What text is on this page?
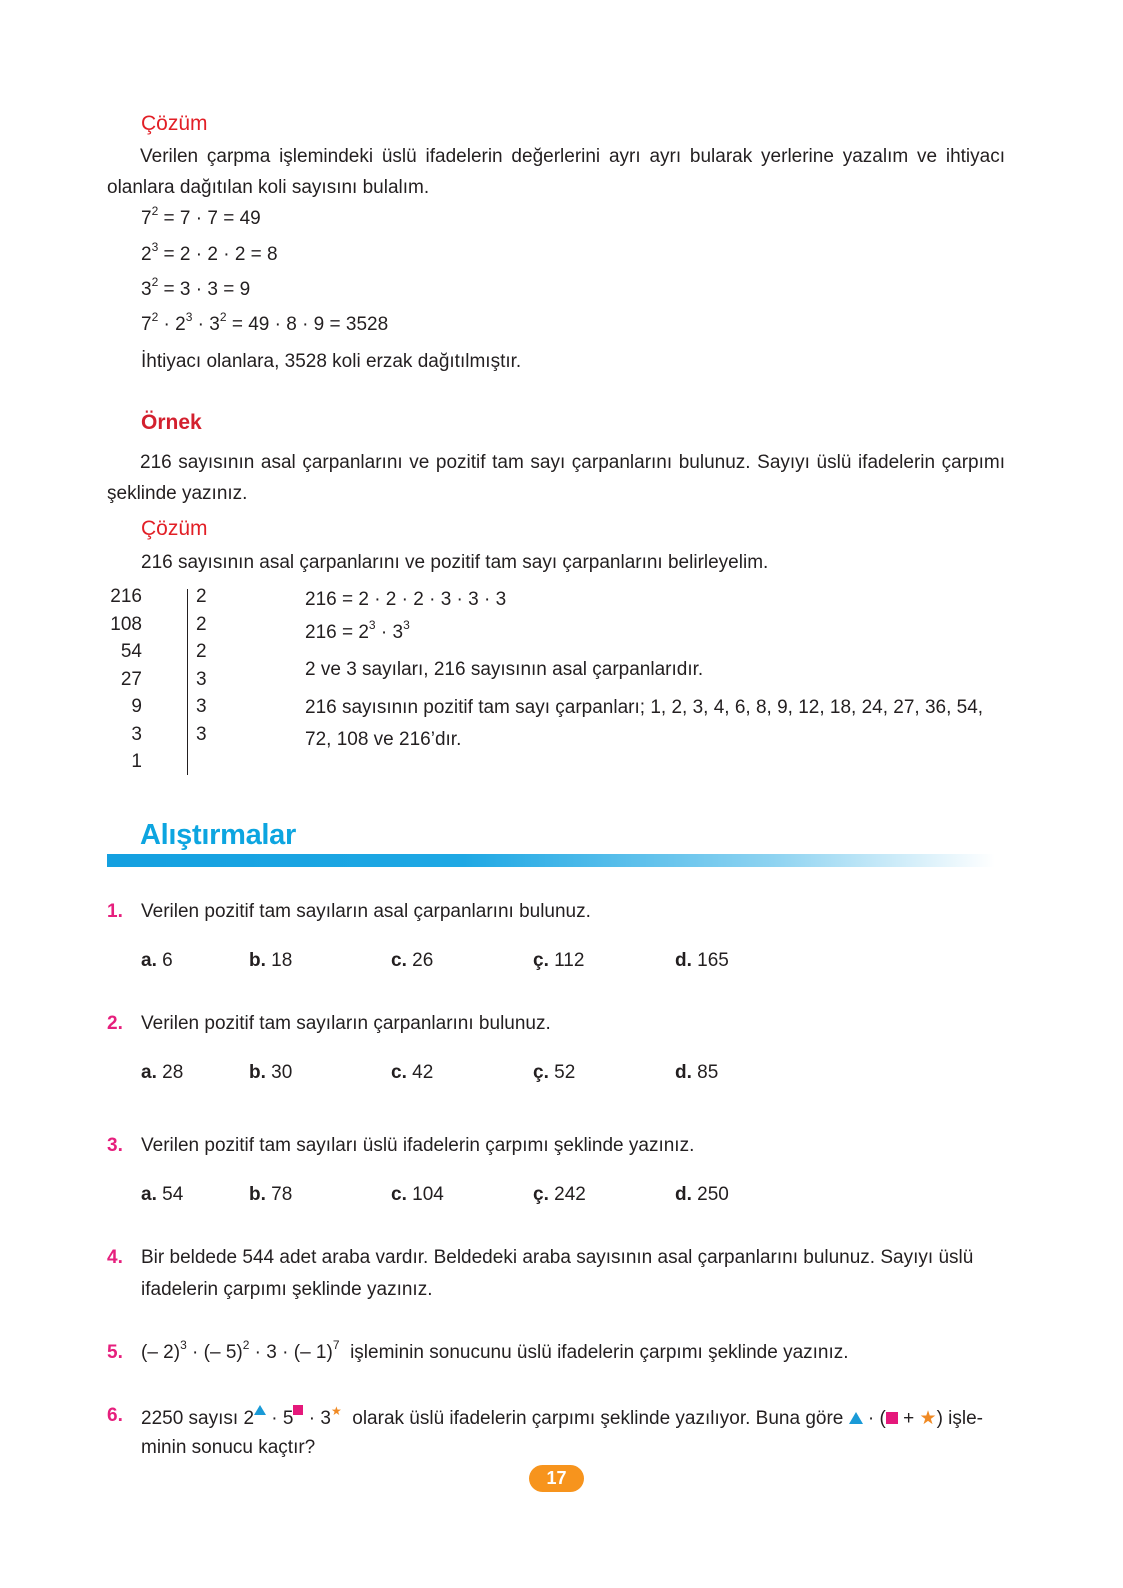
Çözüm
Verilen çarpma işlemindeki üslü ifadelerin değerlerini ayrı ayrı bularak yerlerine yazalım ve ihtiyacı olanlara dağıtılan koli sayısını bulalım.
$7^2 = 7 \cdot 7 = 49$
$2^3 = 2 \cdot 2 \cdot 2 = 8$
$3^2 = 3 \cdot 3 = 9$
$7^2 \cdot 2^3 \cdot 3^2 = 49 \cdot 8 \cdot 9 = 3528$
İhtiyacı olanlara, 3528 koli erzak dağıtılmıştır.
Örnek
216 sayısının asal çarpanlarını ve pozitif tam sayı çarpanlarını bulunuz. Sayıyı üslü ifadelerin çarpımı şeklinde yazınız.
Çözüm
216 sayısının asal çarpanlarını ve pozitif tam sayı çarpanlarını belirleyelim.
216	2
108	2
54	2
27	3
9	3
3	3
1
216 = 2 · 2 · 2 · 3 · 3 · 3
$216 = 2^3 \cdot 3^3$
2 ve 3 sayıları, 216 sayısının asal çarpanlarıdır.
216 sayısının pozitif tam sayı çarpanları; 1, 2, 3, 4, 6, 8, 9, 12, 18, 24, 27, 36, 54,
72, 108 ve 216’dır.
Alıştırmalar
1. Verilen pozitif tam sayıların asal çarpanlarını bulunuz.
a. 6	b. 18	c. 26	ç. 112	d. 165
2. Verilen pozitif tam sayıların çarpanlarını bulunuz.
a. 28	b. 30	c. 42	ç. 52	d. 85
3. Verilen pozitif tam sayıları üslü ifadelerin çarpımı şeklinde yazınız.
a. 54	b. 78	c. 104	ç. 242	d. 250
4. Bir beldede 544 adet araba vardır. Beldedeki araba sayısının asal çarpanlarını bulunuz. Sayıyı üslü
ifadelerin çarpımı şeklinde yazınız.
5. (– 2)$^3$ · (– 5)$^2$ · 3 · (– 1)$^7$ işleminin sonucunu üslü ifadelerin çarpımı şeklinde yazınız.
6. 2250 sayısı 2 · 5 · 3★ olarak üslü ifadelerin çarpımı şeklinde yazılıyor. Buna göre  · ( + ★) işle-
minin sonucu kaçtır?
17
